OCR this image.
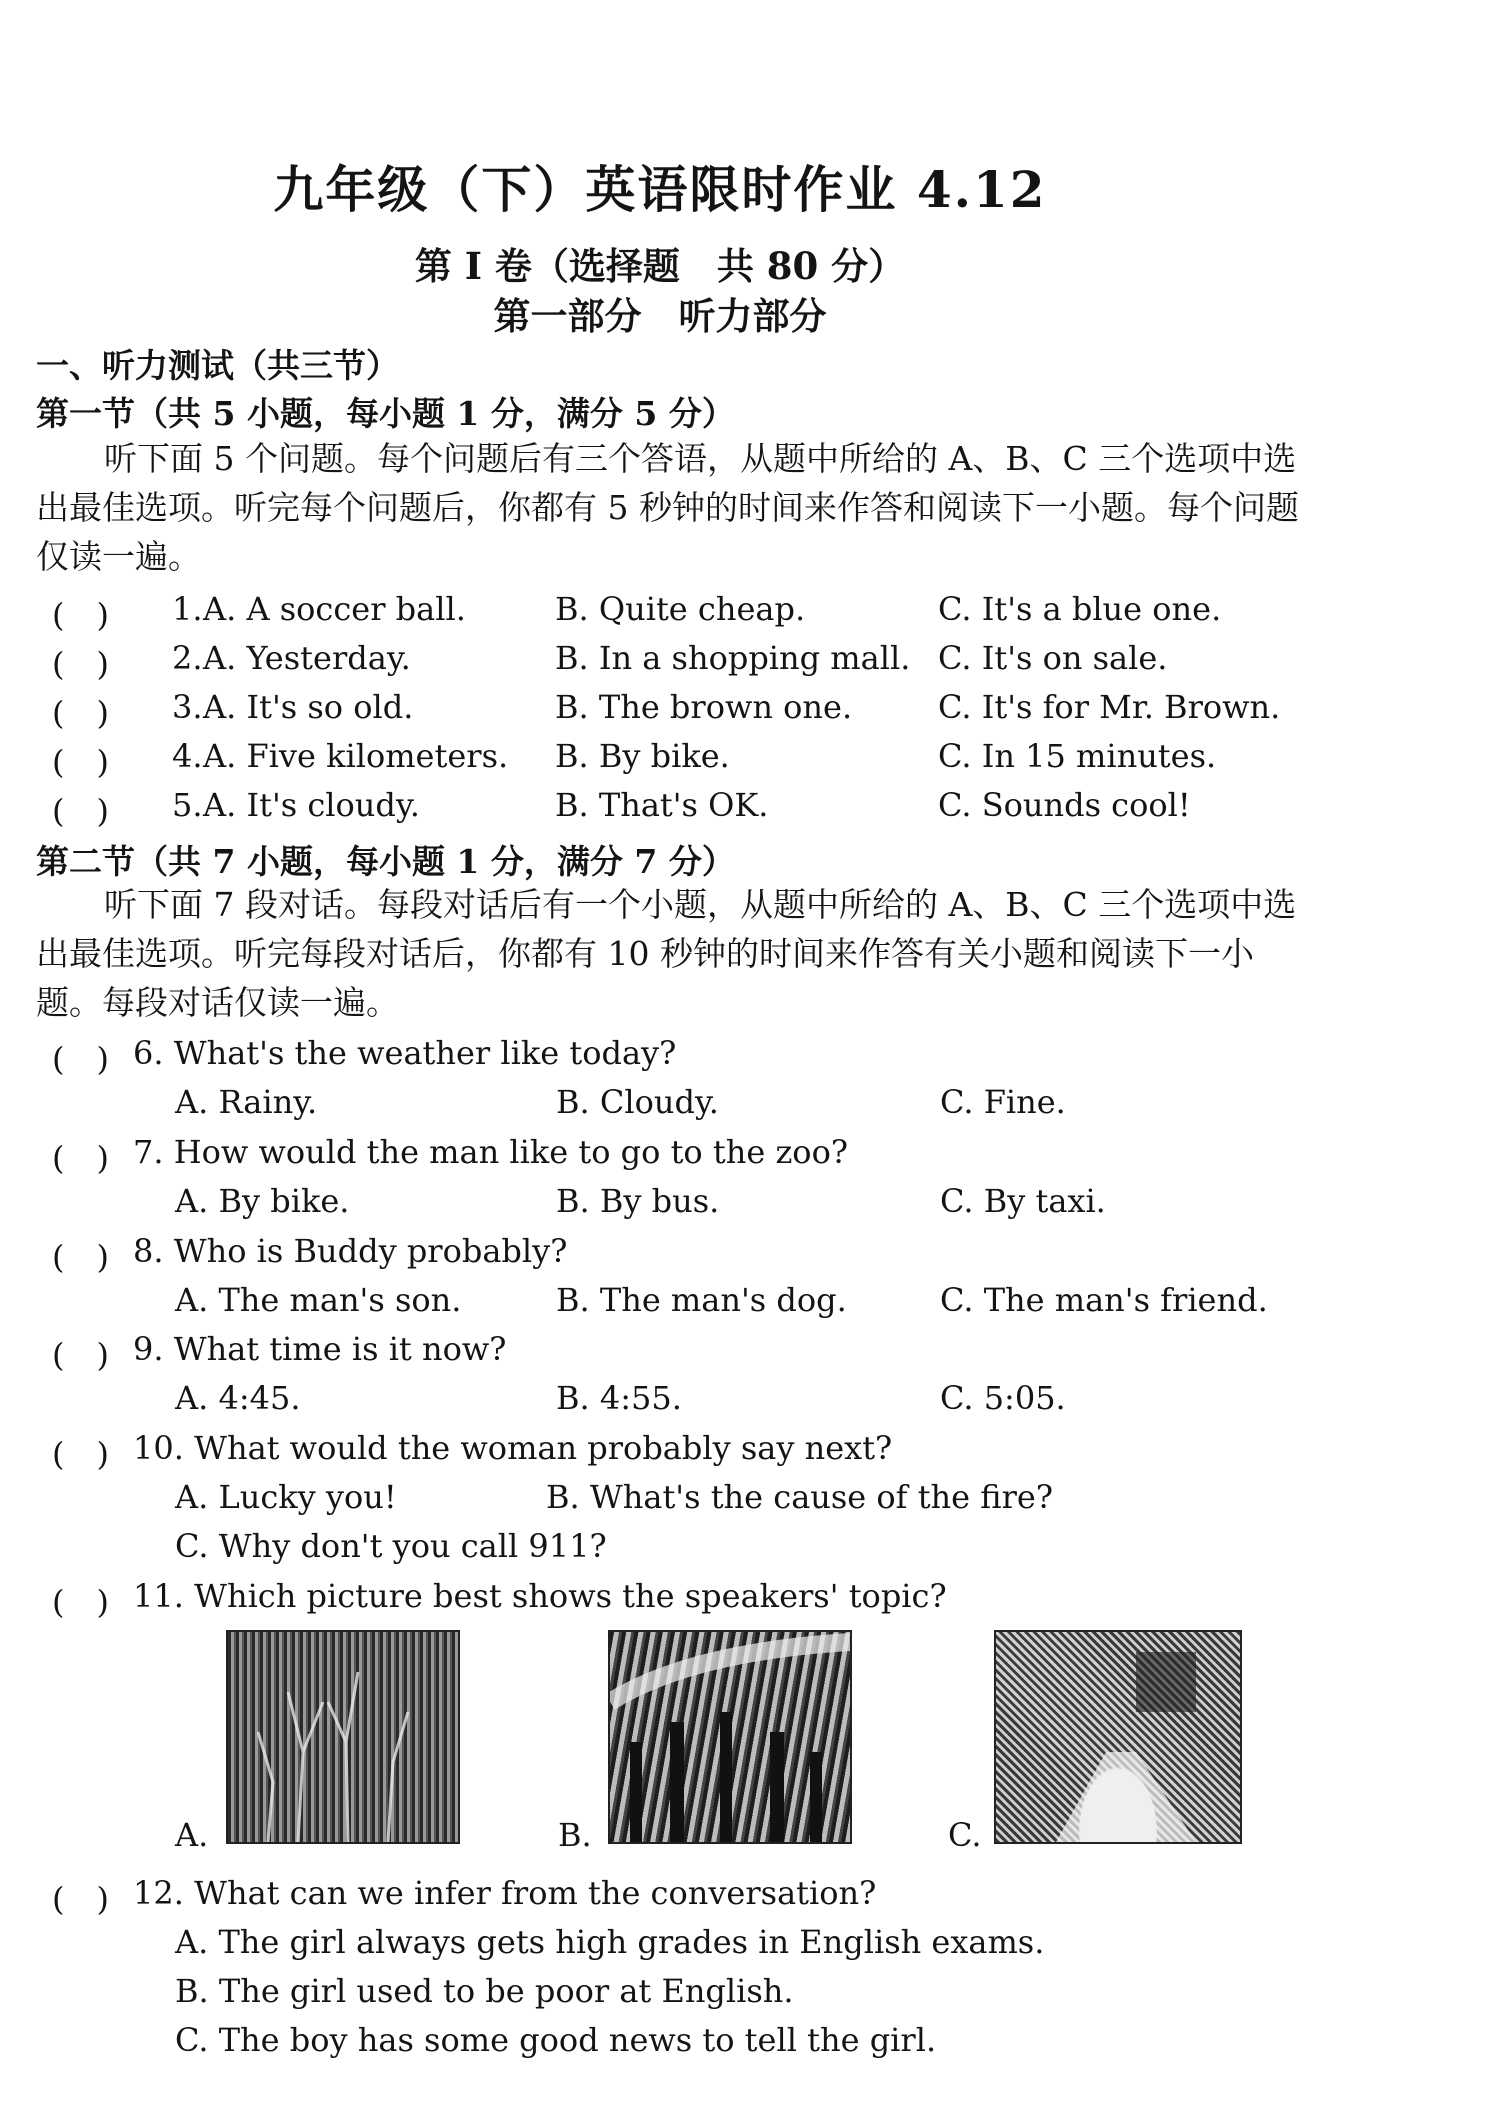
九年级（下）英语限时作业 4.12
第 I 卷（选择题　共 80 分）
第一部分　听力部分
一、听力测试（共三节）
第一节（共 5 小题，每小题 1 分，满分 5 分）
听下面 5 个问题。每个问题后有三个答语，从题中所给的 A、B、C 三个选项中选出最佳选项。听完每个问题后，你都有 5 秒钟的时间来作答和阅读下一小题。每个问题仅读一遍。
(　) 1. A. A soccer ball.	B. Quite cheap.	C. It's a blue one.
(　) 2. A. Yesterday.	B. In a shopping mall. C. It's on sale.
(　) 3. A. It's so old.	B. The brown one.	C. It's for Mr. Brown.
(　) 4. A. Five kilometers. B. By bike.	C. In 15 minutes.
(　) 5. A. It's cloudy.	B. That's OK.	C. Sounds cool!
第二节（共 7 小题，每小题 1 分，满分 7 分）
听下面 7 段对话。每段对话后有一个小题，从题中所给的 A、B、C 三个选项中选出最佳选项。听完每段对话后，你都有 10 秒钟的时间来作答有关小题和阅读下一小题。每段对话仅读一遍。
(　) 6. What's the weather like today?
A. Rainy.	B. Cloudy.	C. Fine.
(　) 7. How would the man like to go to the zoo?
A. By bike.	B. By bus.	C. By taxi.
(　) 8. Who is Buddy probably?
A. The man's son.	B. The man's dog.	C. The man's friend.
(　) 9. What time is it now?
A. 4:45.	B. 4:55.	C. 5:05.
(　) 10. What would the woman probably say next?
A. Lucky you!	B. What's the cause of the fire?
C. Why don't you call 911?
(　) 11. Which picture best shows the speakers' topic?
A.	B.	C.
(　) 12. What can we infer from the conversation?
A. The girl always gets high grades in English exams.
B. The girl used to be poor at English.
C. The boy has some good news to tell the girl.
